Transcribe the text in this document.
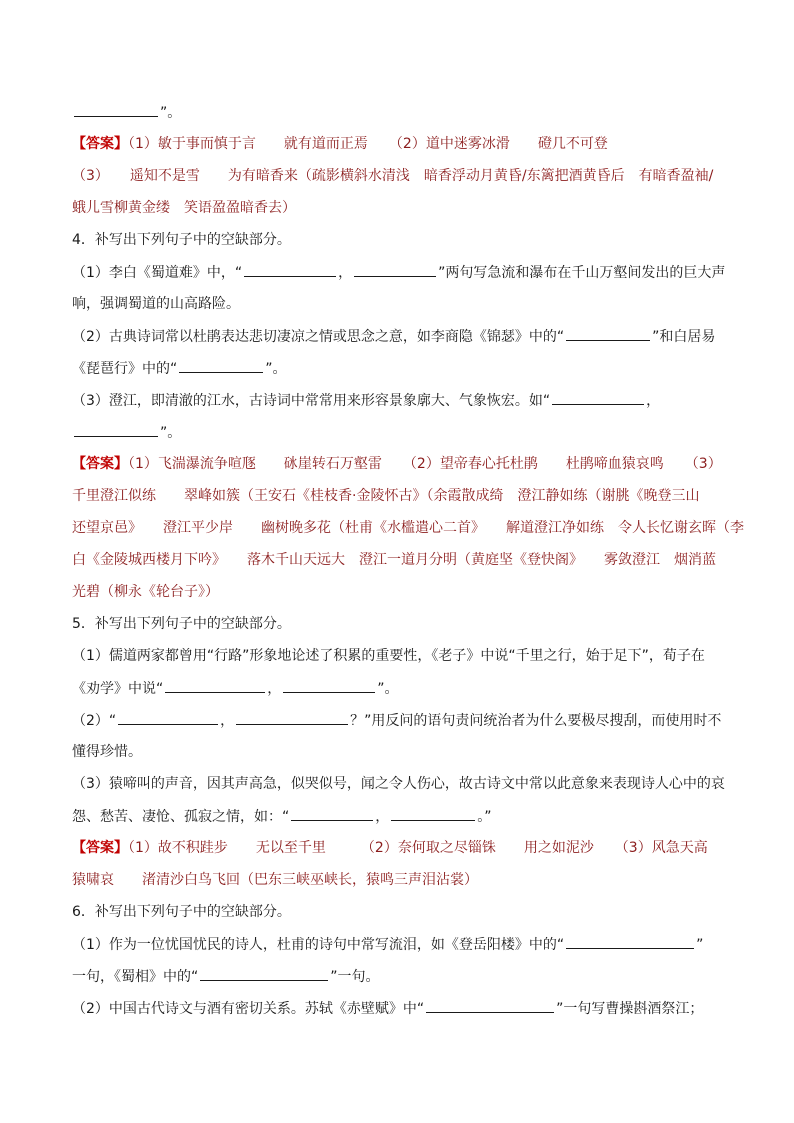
”。
【答案】（1）敏于事而慎于言　　就有道而正焉　　（2）道中迷雾冰滑　　磴几不可登
（3）　　遥知不是雪　　为有暗香来（疏影横斜水清浅　暗香浮动月黄昏/东篱把酒黄昏后　有暗香盈袖/
蛾儿雪柳黄金缕　笑语盈盈暗香去）
4．补写出下列句子中的空缺部分。
（1）李白《蜀道难》中，“	，	”两句写急流和瀑布在千山万壑间发出的巨大声
响，强调蜀道的山高路险。
（2）古典诗词常以杜鹃表达悲切凄凉之情或思念之意，如李商隐《锦瑟》中的“	”和白居易
《琵琶行》中的“	”。
（3）澄江，即清澈的江水，古诗词中常常用来形容景象廓大、气象恢宏。如“	，
”。
【答案】（1）飞湍瀑流争喧豗　　砯崖转石万壑雷　　（2）望帝春心托杜鹃　　杜鹃啼血猿哀鸣　　（3）
千里澄江似练　　翠峰如簇（王安石《桂枝香·金陵怀古》（余霞散成绮　澄江静如练（谢朓《晚登三山
还望京邑》　　澄江平少岸　　幽树晚多花（杜甫《水槛遣心二首》　　解道澄江净如练　令人长忆谢玄晖（李
白《金陵城西楼月下吟》　　落木千山天远大　澄江一道月分明（黄庭坚《登快阁》　　雾敛澄江　烟消蓝
光碧（柳永《轮台子》）
5．补写出下列句子中的空缺部分。
（1）儒道两家都曾用“行路”形象地论述了积累的重要性，《老子》中说“千里之行，始于足下”，荀子在
《劝学》中说“	，	”。
（2）“	，	？”用反问的语句责问统治者为什么要极尽搜刮，而使用时不
懂得珍惜。
（3）猿啼叫的声音，因其声高急，似哭似号，闻之令人伤心，故古诗文中常以此意象来表现诗人心中的哀
怨、愁苦、凄怆、孤寂之情，如：“	，	。”
【答案】（1）故不积跬步　　无以至千里　　　（2）奈何取之尽锱铢　　用之如泥沙　　（3）风急天高
猿啸哀　　渚清沙白鸟飞回（巴东三峡巫峡长，猿鸣三声泪沾裳）
6．补写出下列句子中的空缺部分。
（1）作为一位忧国忧民的诗人，杜甫的诗句中常写流泪，如《登岳阳楼》中的“	”
一句，《蜀相》中的“	”一句。
（2）中国古代诗文与酒有密切关系。苏轼《赤壁赋》中“	”一句写曹操斟酒祭江；
